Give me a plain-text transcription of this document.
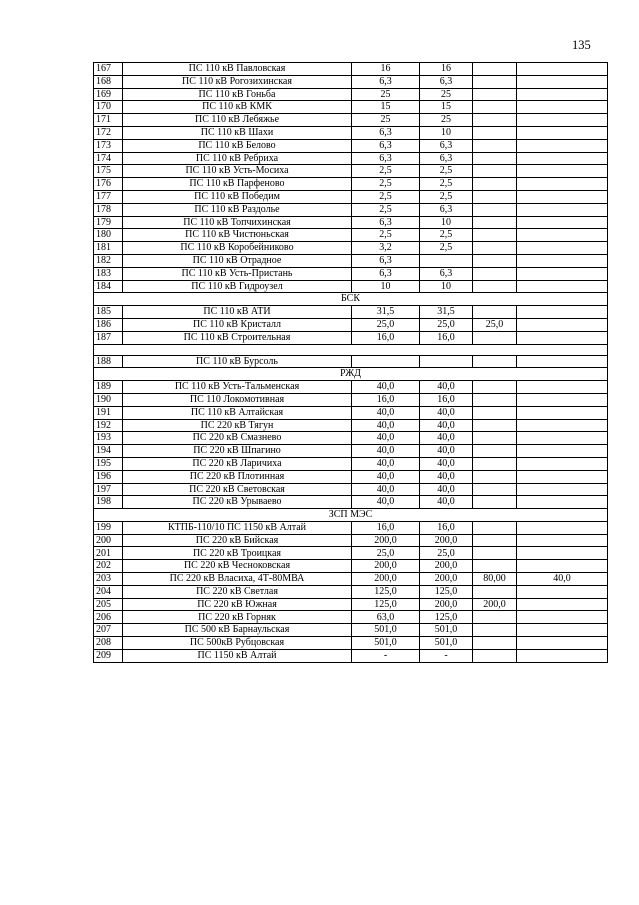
135
167	ПС 110 кВ Павловская	16	16		
168	ПС 110 кВ Рогозихинская	6,3	6,3		
169	ПС 110 кВ Гоньба	25	25		
170	ПС 110 кВ КМК	15	15		
171	ПС 110 кВ Лебяжье	25	25		
172	ПС 110 кВ Шахи	6,3	10		
173	ПС 110 кВ Белово	6,3	6,3		
174	ПС 110 кВ Ребриха	6,3	6,3		
175	ПС 110 кВ Усть-Мосиха	2,5	2,5		
176	ПС 110 кВ Парфеново	2,5	2,5		
177	ПС 110 кВ Победим	2,5	2,5		
178	ПС 110 кВ Раздолье	2,5	6,3		
179	ПС 110 кВ Топчихинская	6,3	10		
180	ПС 110 кВ Чистюньская	2,5	2,5		
181	ПС 110 кВ Коробейниково	3,2	2,5		
182	ПС 110 кВ Отрадное	6,3			
183	ПС 110 кВ Усть-Пристань	6,3	6,3		
184	ПС 110 кВ Гидроузел	10	10		
БСК					
185	ПС 110 кВ АТИ	31,5	31,5		
186	ПС 110 кВ Кристалл	25,0	25,0	25,0	
187	ПС 110 кВ Строительная	16,0	16,0		

188	ПС 110 кВ Бурсоль				
РЖД					
189	ПС 110 кВ Усть-Тальменская	40,0	40,0		
190	ПС 110 Локомотивная	16,0	16,0		
191	ПС 110 кВ Алтайская	40,0	40,0		
192	ПС 220 кВ Тягун	40,0	40,0		
193	ПС 220 кВ Смазнево	40,0	40,0		
194	ПС 220 кВ Шпагино	40,0	40,0		
195	ПС 220 кВ Ларичиха	40,0	40,0		
196	ПС 220 кВ Плотинная	40,0	40,0		
197	ПС 220 кВ Световская	40,0	40,0		
198	ПС 220 кВ Урываево	40,0	40,0		
ЗСП МЭС					
199	КТПБ-110/10 ПС 1150 кВ Алтай	16,0	16,0		
200	ПС 220 кВ Бийская	200,0	200,0		
201	ПС 220 кВ Троицкая	25,0	25,0		
202	ПС 220 кВ Чесноковская	200,0	200,0		
203	ПС 220 кВ Власиха, 4Т-80МВА	200,0	200,0	80,00	40,0
204	ПС 220 кВ Светлая	125,0	125,0		
205	ПС 220 кВ Южная	125,0	200,0	200,0	
206	ПС 220 кВ Горняк	63,0	125,0		
207	ПС 500 кВ Барнаульская	501,0	501,0		
208	ПС 500кВ Рубцовская	501,0	501,0		
209	ПС 1150 кВ Алтай	-	-		
